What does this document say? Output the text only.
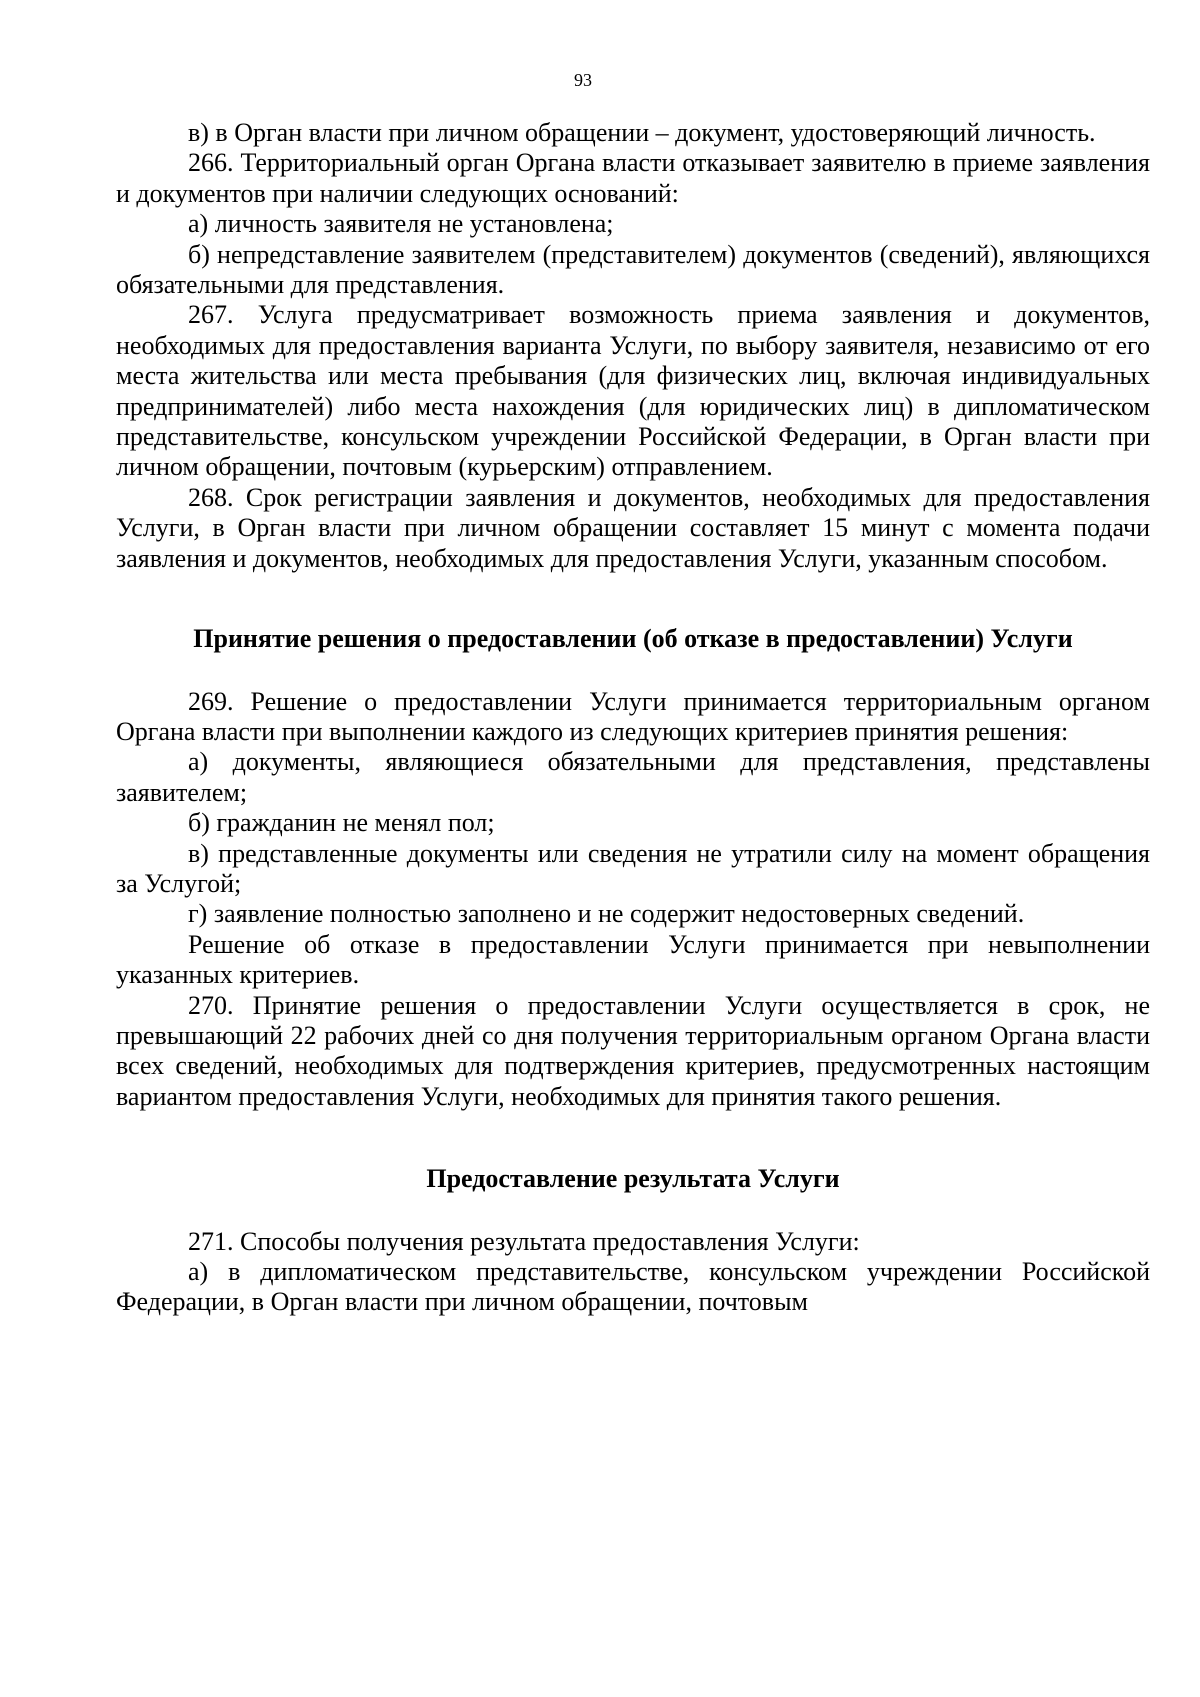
93

в) в Орган власти при личном обращении – документ, удостоверяющий личность.

266. Территориальный орган Органа власти отказывает заявителю в приеме заявления и документов при наличии следующих оснований:

а) личность заявителя не установлена;

б) непредставление заявителем (представителем) документов (сведений), являющихся обязательными для представления.

267. Услуга предусматривает возможность приема заявления и документов, необходимых для предоставления варианта Услуги, по выбору заявителя, независимо от его места жительства или места пребывания (для физических лиц, включая индивидуальных предпринимателей) либо места нахождения (для юридических лиц) в дипломатическом представительстве, консульском учреждении Российской Федерации, в Орган власти при личном обращении, почтовым (курьерским) отправлением.

268. Срок регистрации заявления и документов, необходимых для предоставления Услуги, в Орган власти при личном обращении составляет 15 минут с момента подачи заявления и документов, необходимых для предоставления Услуги, указанным способом.

Принятие решения о предоставлении (об отказе в предоставлении) Услуги

269. Решение о предоставлении Услуги принимается территориальным органом Органа власти при выполнении каждого из следующих критериев принятия решения:

а) документы, являющиеся обязательными для представления, представлены заявителем;

б) гражданин не менял пол;

в) представленные документы или сведения не утратили силу на момент обращения за Услугой;

г) заявление полностью заполнено и не содержит недостоверных сведений.

Решение об отказе в предоставлении Услуги принимается при невыполнении указанных критериев.

270. Принятие решения о предоставлении Услуги осуществляется в срок, не превышающий 22 рабочих дней со дня получения территориальным органом Органа власти всех сведений, необходимых для подтверждения критериев, предусмотренных настоящим вариантом предоставления Услуги, необходимых для принятия такого решения.

Предоставление результата Услуги

271. Способы получения результата предоставления Услуги:

а) в дипломатическом представительстве, консульском учреждении Российской Федерации, в Орган власти при личном обращении, почтовым
